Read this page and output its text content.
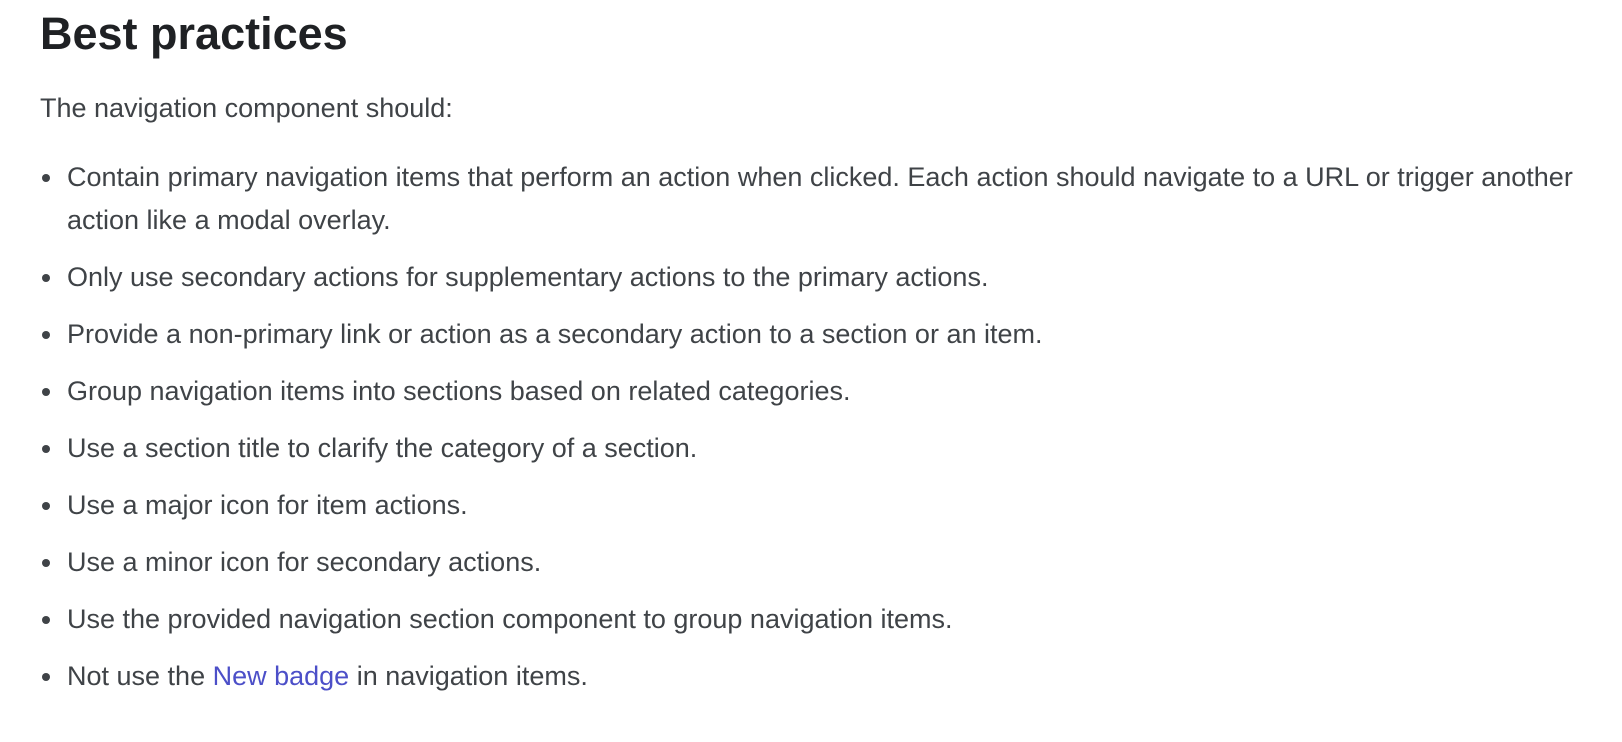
Best practices

The navigation component should:

Contain primary navigation items that perform an action when clicked. Each action should navigate to a URL or trigger another action like a modal overlay.
Only use secondary actions for supplementary actions to the primary actions.
Provide a non-primary link or action as a secondary action to a section or an item.
Group navigation items into sections based on related categories.
Use a section title to clarify the category of a section.
Use a major icon for item actions.
Use a minor icon for secondary actions.
Use the provided navigation section component to group navigation items.
Not use the New badge in navigation items.
